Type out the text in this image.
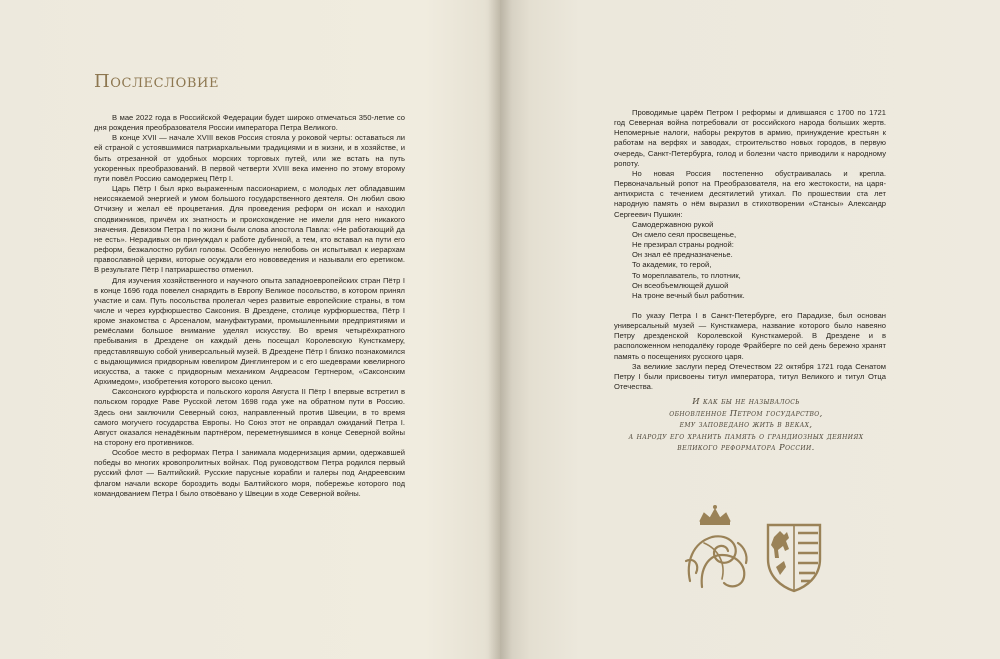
Послесловие

В мае 2022 года в Российской Федерации будет широко отмечаться 350-летие со дня рождения преобразователя России императора Петра Великого.

В конце XVII — начале XVIII веков Россия стояла у роковой черты: оставаться ли ей страной с устоявшимися патриархальными традициями и в жизни, и в хозяйстве, и быть отрезанной от удобных морских торговых путей, или же встать на путь ускоренных преобразований. В первой четверти XVIII века именно по этому второму пути повёл Россию самодержец Пётр I.

Царь Пётр I был ярко выраженным пассионарием, с молодых лет обладавшим неиссякаемой энергией и умом большого государственного деятеля. Он любил свою Отчизну и желал её процветания. Для проведения реформ он искал и находил сподвижников, причём их знатность и происхождение не имели для него никакого значения. Девизом Петра I по жизни были слова апостола Павла: «Не работающий да не есть». Нерадивых он принуждал к работе дубинкой, а тем, кто вставал на пути его реформ, безжалостно рубил головы. Особенную нелюбовь он испытывал к иерархам православной церкви, которые осуждали его нововведения и называли его еретиком. В результате Пётр I патриаршество отменил.

Для изучения хозяйственного и научного опыта западноевропейских стран Пётр I в конце 1696 года повелел снарядить в Европу Великое посольство, в котором принял участие и сам. Путь посольства пролегал через развитые европейские страны, в том числе и через курфюршество Саксония. В Дрездене, столице курфюршества, Пётр I кроме знакомства с Арсеналом, мануфактурами, промышленными предприятиями и ремёслами большое внимание уделял искусству. Во время четырёхкратного пребывания в Дрездене он каждый день посещал Королевскую Кунсткамеру, представлявшую собой универсальный музей. В Дрездене Пётр I близко познакомился с выдающимися придворным ювелиром Динглингером и с его шедеврами ювелирного искусства, а также с придворным механиком Андреасом Гертнером, «Саксонским Архимедом», изобретения которого высоко ценил.

Саксонского курфюрста и польского короля Августа II Пётр I впервые встретил в польском городке Раве Русской летом 1698 года уже на обратном пути в Россию. Здесь они заключили Северный союз, направленный против Швеции, в то время самого могучего государства Европы. Но Союз этот не оправдал ожиданий Петра I. Август оказался ненадёжным партнёром, переметнувшимся в конце Северной войны на сторону его противников.

Особое место в реформах Петра I занимала модернизация армии, одержавшей победы во многих кровопролитных войнах. Под руководством Петра родился первый русский флот — Балтийский. Русские парусные корабли и галеры под Андреевским флагом начали вскоре бороздить воды Балтийского моря, побережье которого под командованием Петра I было отвоёвано у Швеции в ходе Северной войны.

Проводимые царём Петром I реформы и длившаяся с 1700 по 1721 год Северная война потребовали от российского народа больших жертв. Непомерные налоги, наборы рекрутов в армию, принуждение крестьян к работам на верфях и заводах, строительство новых городов, в первую очередь, Санкт-Петербурга, голод и болезни часто приводили к народному ропоту.

Но новая Россия постепенно обустраивалась и крепла. Первоначальный ропот на Преобразователя, на его жестокости, на царя-антихриста с течением десятилетий утихал. По прошествии ста лет народную память о нём выразил в стихотворении «Стансы» Александр Сергеевич Пушкин:

Самодержавною рукой
Он смело сеял просвещенье,
Не презирал страны родной:
Он знал её предназначенье.
То академик, то герой,
То мореплаватель, то плотник,
Он всеобъемлющей душой
На троне вечный был работник.

По указу Петра I в Санкт-Петербурге, его Парадизе, был основан универсальный музей — Кунсткамера, название которого было навеяно Петру дрезденской Королевской Кунсткамерой. В Дрездене и в расположенном неподалёку городе Фрайберге по сей день бережно хранят память о посещениях русского царя.

За великие заслуги перед Отечеством 22 октября 1721 года Сенатом Петру I были присвоены титул императора, титул Великого и титул Отца Отечества.

И как бы не называлось
обновленное Петром государство,
ему заповедано жить в веках,
а народу его хранить память о грандиозных деяниях
великого реформатора России.
